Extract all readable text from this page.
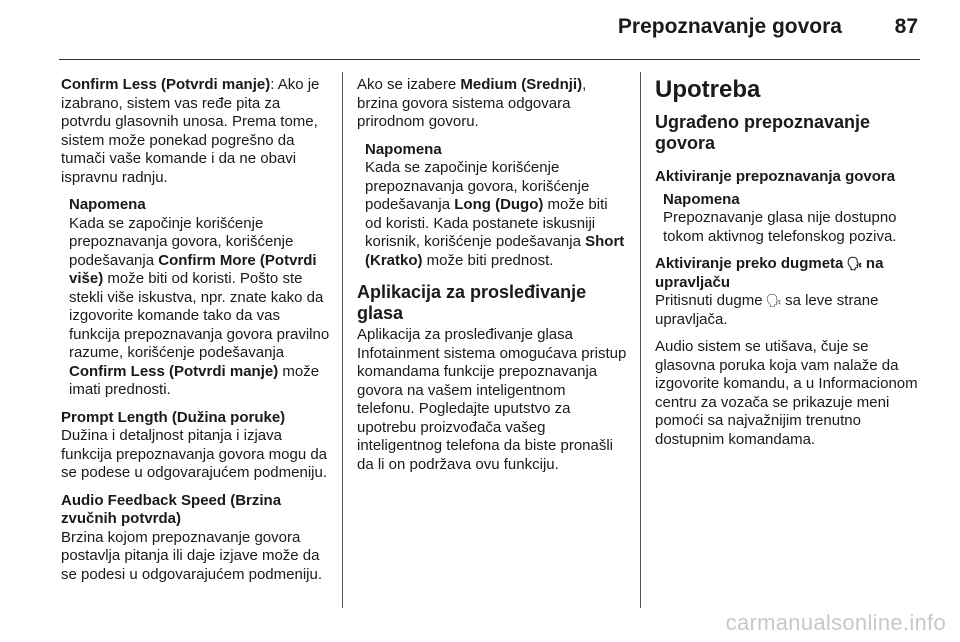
Prepoznavanje govora	87

Confirm Less (Potvrdi manje): Ako je izabrano, sistem vas ređe pita za potvrdu glasovnih unosa. Prema tome, sistem može ponekad pogrešno da tumači vaše komande i da ne obavi ispravnu radnju.

Napomena
Kada se započinje korišćenje prepoznavanja govora, korišćenje podešavanja Confirm More (Potvrdi više) može biti od koristi. Pošto ste stekli više iskustva, npr. znate kako da izgovorite komande tako da vas funkcija prepoznavanja govora pravilno razume, korišćenje podešavanja Confirm Less (Potvrdi manje) može imati prednosti.
Prompt Length (Dužina poruke)

Dužina i detaljnost pitanja i izjava funkcija prepoznavanja govora mogu da se podese u odgovarajućem podmeniju.

Audio Feedback Speed (Brzina zvučnih potvrda)

Brzina kojom prepoznavanje govora postavlja pitanja ili daje izjave može da se podesi u odgovarajućem podmeniju.

Ako se izabere Medium (Srednji), brzina govora sistema odgovara prirodnom govoru.

Napomena
Kada se započinje korišćenje prepoznavanja govora, korišćenje podešavanja Long (Dugo) može biti od koristi. Kada postanete iskusniji korisnik, korišćenje podešavanja Short (Kratko) može biti prednost.
Aplikacija za prosleđivanje glasa

Aplikacija za prosleđivanje glasa Infotainment sistema omogućava pristup komandama funkcije prepoznavanja govora na vašem inteligentnom telefonu. Pogledajte uputstvo za upotrebu proizvođača vašeg inteligentnog telefona da biste pronašli da li on podržava ovu funkciju.

Upotreba
Ugrađeno prepoznavanje govora
Aktiviranje prepoznavanja govora
Napomena
Prepoznavanje glasa nije dostupno tokom aktivnog telefonskog poziva.
Aktiviranje preko dugmeta 🗣︎ na upravljaču

Pritisnuti dugme 🗣︎ sa leve strane upravljača.

Audio sistem se utišava, čuje se glasovna poruka koja vam nalaže da izgovorite komandu, a u Informacionom centru za vozača se prikazuje meni pomoći sa najvažnijim trenutno dostupnim komandama.

carmanualsonline.info
